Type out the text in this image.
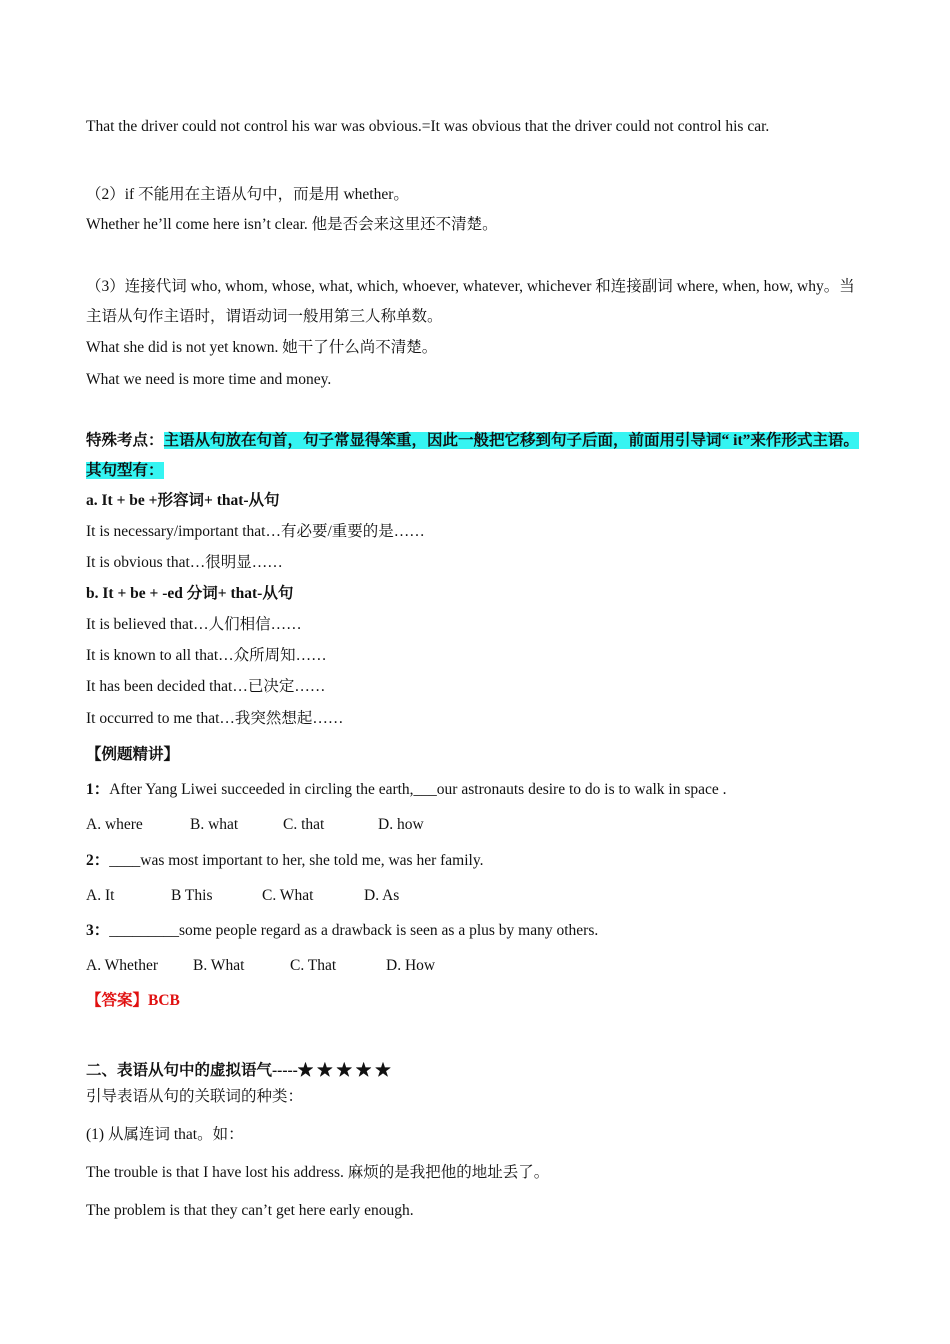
That the driver could not control his war was obvious.=It was obvious that the driver could not control his car.
（2）if 不能用在主语从句中，而是用 whether。
Whether he’ll come here isn’t clear. 他是否会来这里还不清楚。
（3）连接代词 who, whom, whose, what, which, whoever, whatever, whichever 和连接副词 where, when, how, why。当主语从句作主语时，谓语动词一般用第三人称单数。
What she did is not yet known. 她干了什么尚不清楚。
What we need is more time and money.
特殊考点：主语从句放在句首，句子常显得笨重，因此一般把它移到句子后面，前面用引导词“ it”来作形式主语。其句型有：
a. It + be +形容词+ that-从句
It is necessary/important that…有必要/重要的是……
It is obvious that…很明显……
b. It + be + -ed 分词+ that-从句
It is believed that…人们相信……
It is known to all that…众所周知……
It has been decided that…已决定……
It occurred to me that…我突然想起……
【例题精讲】
1：After Yang Liwei succeeded in circling the earth,___our astronauts desire to do is to walk in space .
A. where	B. what	C. that	D. how
2：____was most important to her, she told me, was her family.
A. It	B This	C. What	D. As
3：_________some people regard as a drawback is seen as a plus by many others.
A. Whether B. What	C. That	D. How
【答案】BCB
二、表语从句中的虚拟语气-----★ ★ ★ ★ ★
引导表语从句的关联词的种类：
(1) 从属连词 that。如：
The trouble is that I have lost his address. 麻烦的是我把他的地址丢了。
The problem is that they can’t get here early enough.
